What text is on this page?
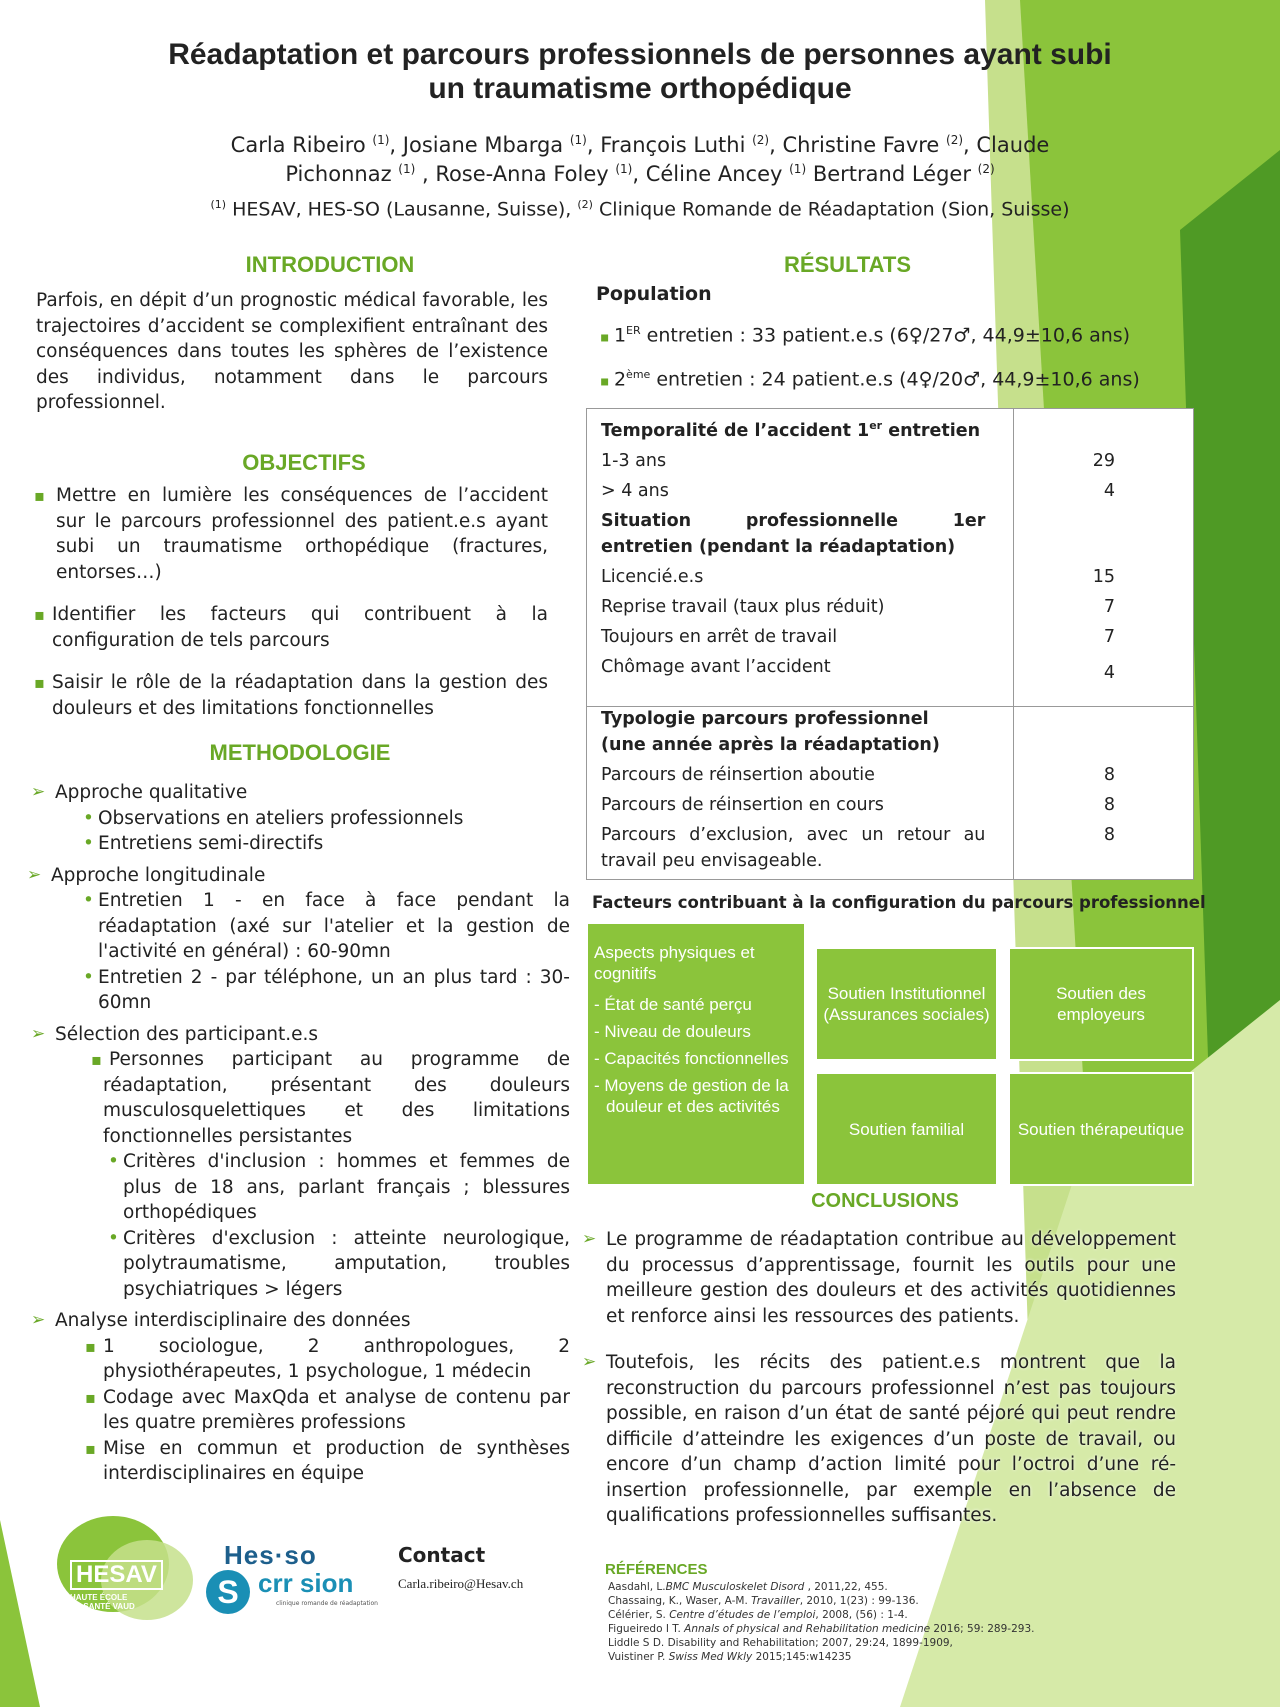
Réadaptation et parcours professionnels de personnes ayant subi
un traumatisme orthopédique
Carla Ribeiro $^{(1)}$, Josiane Mbarga $^{(1)}$, François Luthi $^{(2)}$, Christine Favre $^{(2)}$, Claude Pichonnaz $^{(1)}$ , Rose-Anna Foley $^{(1)}$, Céline Ancey $^{(1)}$ Bertrand Léger $^{(2)}$
$^{(1)}$ HESAV, HES-SO (Lausanne, Suisse), $^{(2)}$ Clinique Romande de Réadaptation (Sion, Suisse)
INTRODUCTION

Parfois, en dépit d’un prognostic médical favorable, les trajectoires d’accident se complexifient entraînant des conséquences dans toutes les sphères de l’existence des individus, notamment dans le parcours professionnel.

OBJECTIFS
▪ Mettre en lumière les conséquences de l’accident sur le parcours professionnel des patient.e.s ayant subi un traumatisme orthopédique (fractures, entorses…)
▪ Identifier les facteurs qui contribuent à la configuration de tels parcours
▪ Saisir le rôle de la réadaptation dans la gestion des douleurs et des limitations fonctionnelles
METHODOLOGIE
➢ Approche qualitative
• Observations en ateliers professionnels
• Entretiens semi-directifs
➢ Approche longitudinale
• Entretien 1 - en face à face pendant la réadaptation (axé sur l'atelier et la gestion de l'activité en général) : 60-90mn
• Entretien 2 - par téléphone, un an plus tard : 30-60mn
➢ Sélection des participant.e.s
▪ Personnes participant au programme de réadaptation, présentant des douleurs musculosquelettiques et des limitations fonctionnelles persistantes
• Critères d'inclusion : hommes et femmes de plus de 18 ans, parlant français ; blessures orthopédiques
• Critères d'exclusion : atteinte neurologique, polytraumatisme, amputation, troubles psychiatriques > légers
➢ Analyse interdisciplinaire des données
▪ 1 sociologue, 2 anthropologues, 2 physiothérapeutes, 1 psychologue, 1 médecin
▪ Codage avec MaxQda et analyse de contenu par les quatre premières professions
▪ Mise en commun et production de synthèses interdisciplinaires en équipe
RÉSULTATS
Population
▪ 1ER entretien : 33 patient.e.s (6♀/27♂, 44,9±10,6 ans)
▪ 2ème entretien : 24 patient.e.s (4♀/20♂, 44,9±10,6 ans)
Temporalité de l’accident 1er entretien	
1-3 ans	29
> 4 ans	4
Situation professionnelle 1er entretien (pendant la réadaptation)	
Licencié.e.s	15
Reprise travail (taux plus réduit)	7
Toujours en arrêt de travail	7
Chômage avant l’accident	4

Typologie parcours professionnel
(une année après la réadaptation)	

Parcours de réinsertion aboutie	8
Parcours de réinsertion en cours	8
Parcours d’exclusion, avec un retour au travail peu envisageable.	8
Facteurs contribuant à la configuration du parcours professionnel
Aspects physiques et cognitifs
- État de santé perçu
- Niveau de douleurs
- Capacités fonctionnelles
- Moyens de gestion de la douleur et des activités
Soutien Institutionnel (Assurances sociales)
Soutien des employeurs
Soutien familial	Soutien thérapeutique
CONCLUSIONS
➢ Le programme de réadaptation contribue au développement du processus d’apprentissage, fournit les outils pour une meilleure gestion des douleurs et des activités quotidiennes et renforce ainsi les ressources des patients.
➢ Toutefois, les récits des patient.e.s montrent que la reconstruction du parcours professionnel n’est pas toujours possible, en raison d’un état de santé péjoré qui peut rendre difficile d’atteindre les exigences d’un poste de travail, ou encore d’un champ d’action limité pour l’octroi d’une ré-insertion professionnelle, par exemple en l’absence de qualifications professionnelles suffisantes.
RÉFÉRENCES
Aasdahl, L.BMC Musculoskelet Disord , 2011,22, 455.
Chassaing, K., Waser, A-M. Travailler, 2010, 1(23) : 99-136.
Célérier, S. Centre d’études de l’emploi, 2008, (56) : 1-4.
Figueiredo I T. Annals of physical and Rehabilitation medicine 2016; 59: 289-293.
Liddle S D. Disability and Rehabilitation; 2007, 29:24, 1899-1909,
Vuistiner P. Swiss Med Wkly 2015;145:w14235
HESAV
HAUTE ÉCOLE
DE SANTÉ VAUD
Hes·so
S crr sion
clinique romande de réadaptation
Contact
Carla.ribeiro@Hesav.ch
